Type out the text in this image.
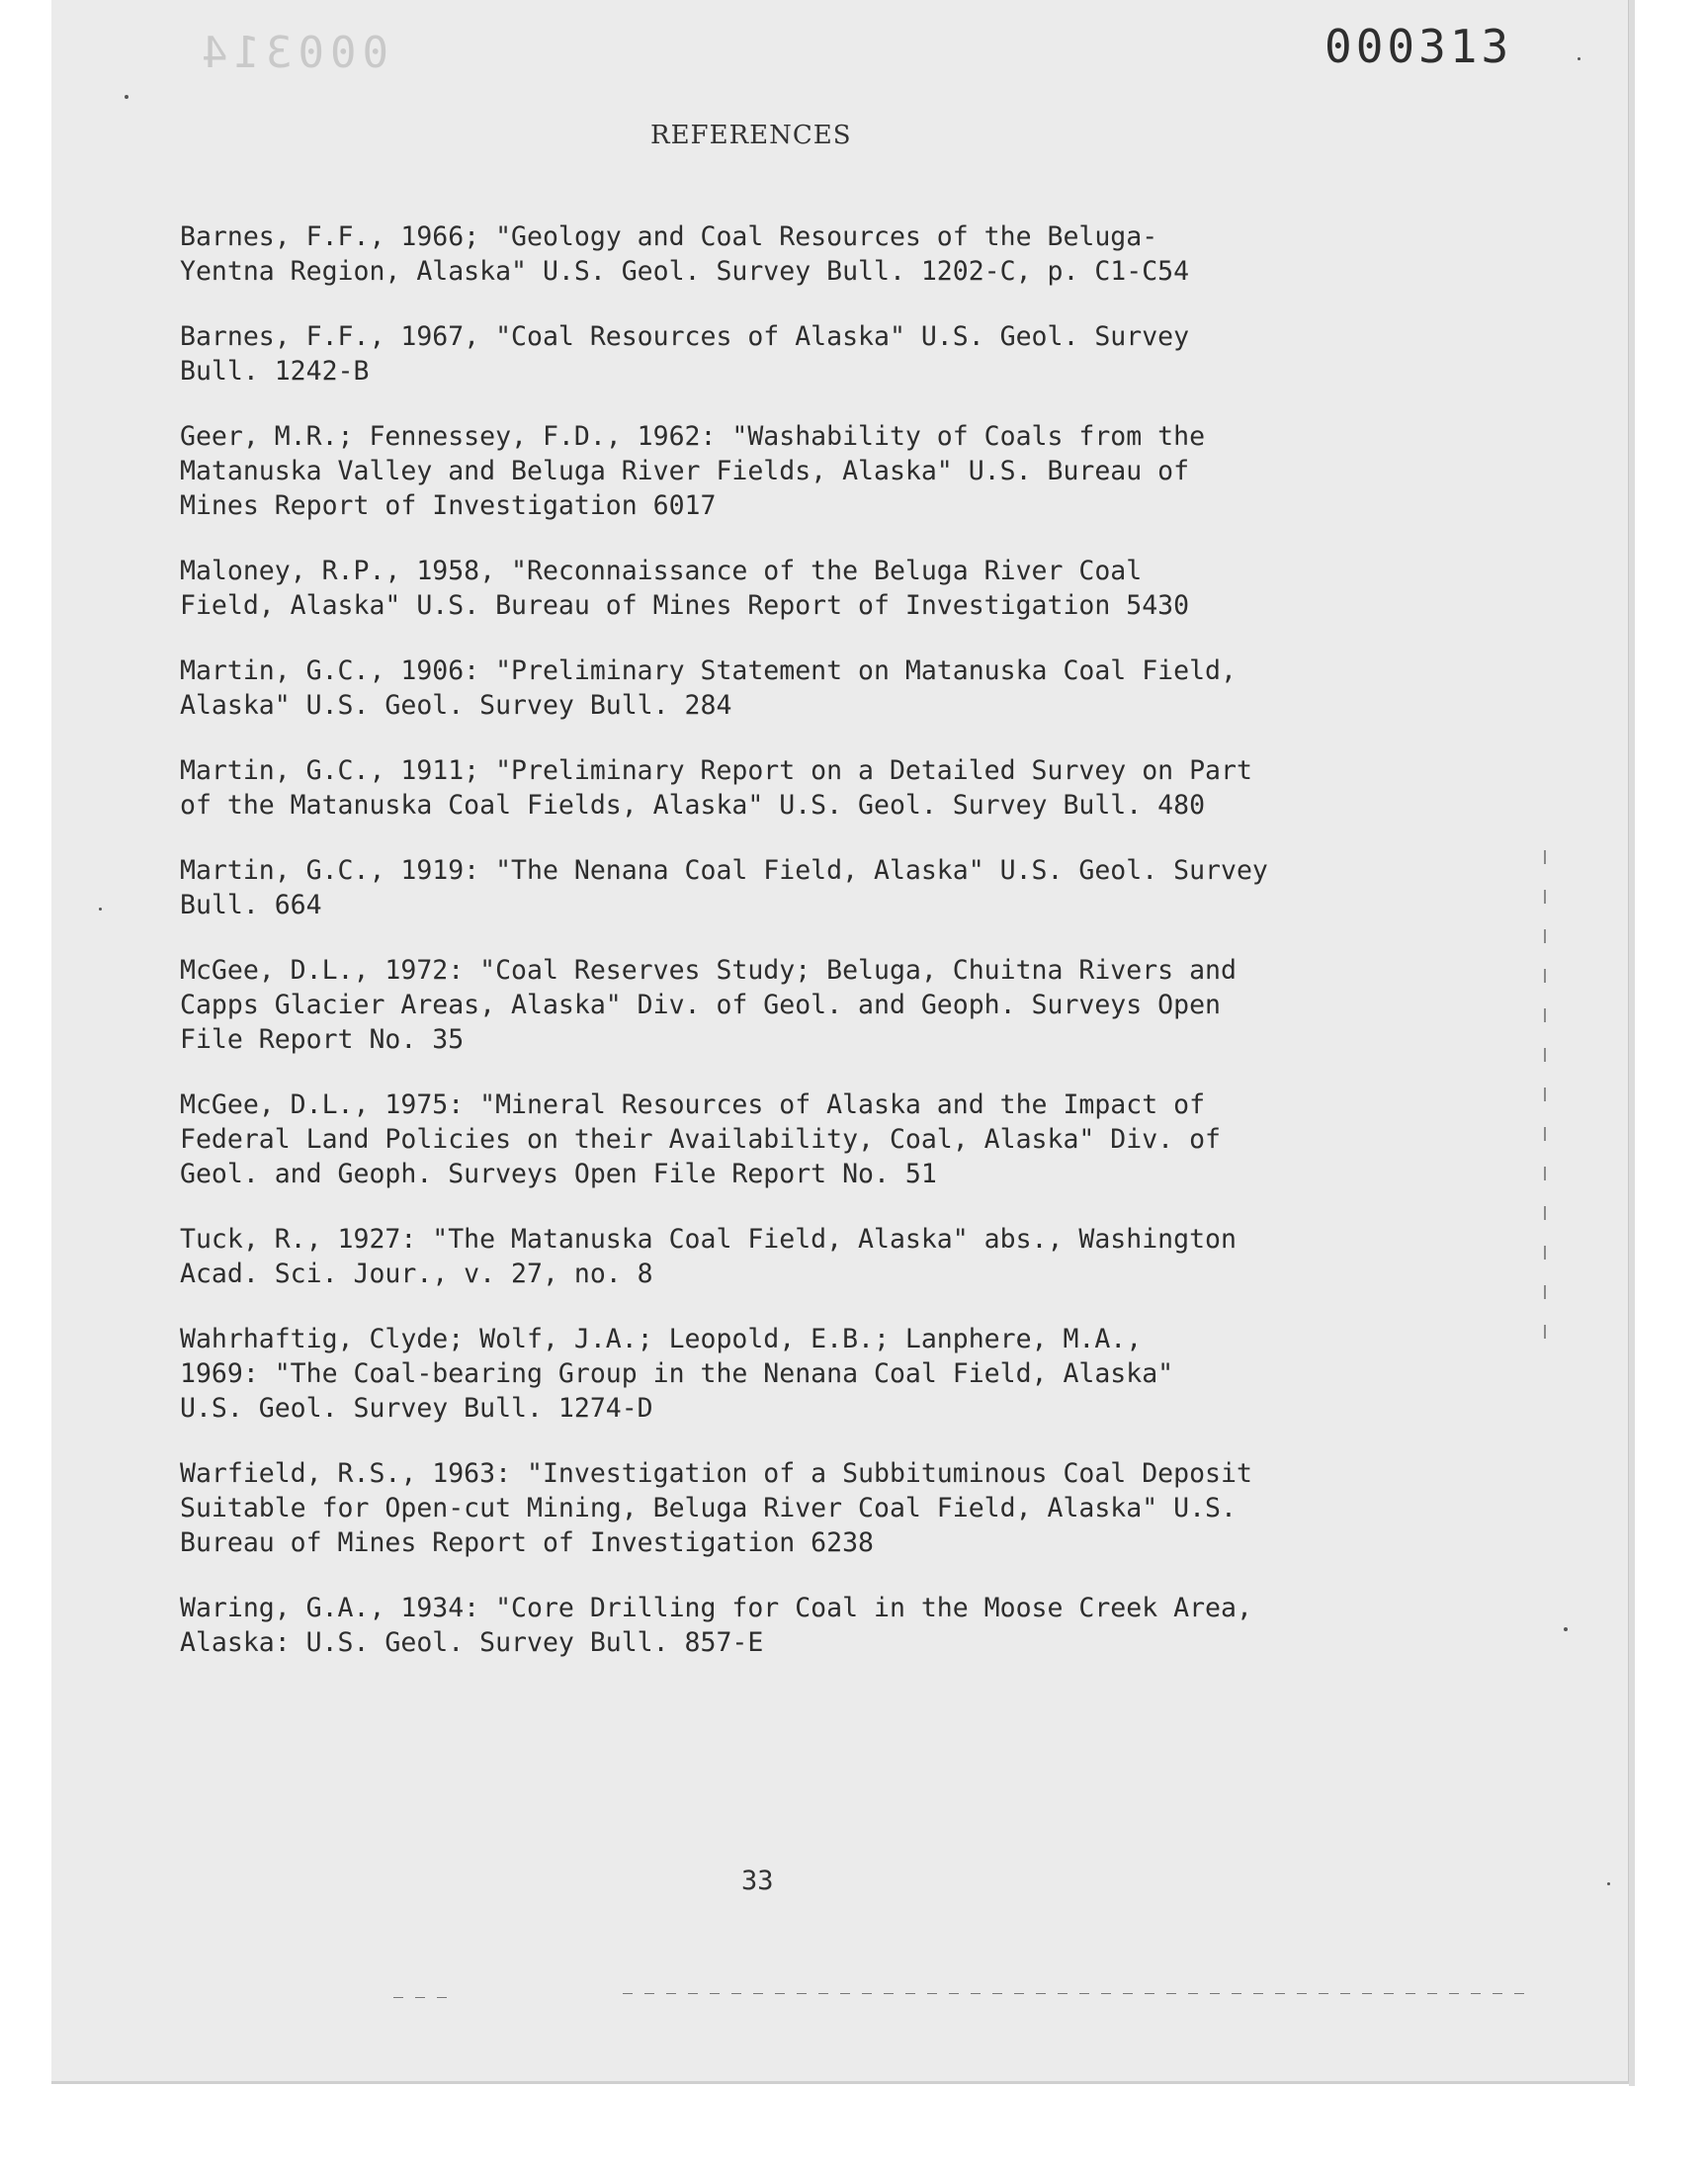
000314	000313
REFERENCES
Barnes, F.F., 1966; "Geology and Coal Resources of the Beluga-
Yentna Region, Alaska" U.S. Geol. Survey Bull. 1202-C, p. C1-C54
Barnes, F.F., 1967, "Coal Resources of Alaska" U.S. Geol. Survey
Bull. 1242-B
Geer, M.R.; Fennessey, F.D., 1962: "Washability of Coals from the
Matanuska Valley and Beluga River Fields, Alaska" U.S. Bureau of
Mines Report of Investigation 6017
Maloney, R.P., 1958, "Reconnaissance of the Beluga River Coal
Field, Alaska" U.S. Bureau of Mines Report of Investigation 5430
Martin, G.C., 1906: "Preliminary Statement on Matanuska Coal Field,
Alaska" U.S. Geol. Survey Bull. 284
Martin, G.C., 1911; "Preliminary Report on a Detailed Survey on Part
of the Matanuska Coal Fields, Alaska" U.S. Geol. Survey Bull. 480
Martin, G.C., 1919: "The Nenana Coal Field, Alaska" U.S. Geol. Survey
Bull. 664
McGee, D.L., 1972: "Coal Reserves Study; Beluga, Chuitna Rivers and
Capps Glacier Areas, Alaska" Div. of Geol. and Geoph. Surveys Open
File Report No. 35
McGee, D.L., 1975: "Mineral Resources of Alaska and the Impact of
Federal Land Policies on their Availability, Coal, Alaska" Div. of
Geol. and Geoph. Surveys Open File Report No. 51
Tuck, R., 1927: "The Matanuska Coal Field, Alaska" abs., Washington
Acad. Sci. Jour., v. 27, no. 8
Wahrhaftig, Clyde; Wolf, J.A.; Leopold, E.B.; Lanphere, M.A.,
1969: "The Coal-bearing Group in the Nenana Coal Field, Alaska"
U.S. Geol. Survey Bull. 1274-D
Warfield, R.S., 1963: "Investigation of a Subbituminous Coal Deposit
Suitable for Open-cut Mining, Beluga River Coal Field, Alaska" U.S.
Bureau of Mines Report of Investigation 6238
Waring, G.A., 1934: "Core Drilling for Coal in the Moose Creek Area,
Alaska: U.S. Geol. Survey Bull. 857-E
33
